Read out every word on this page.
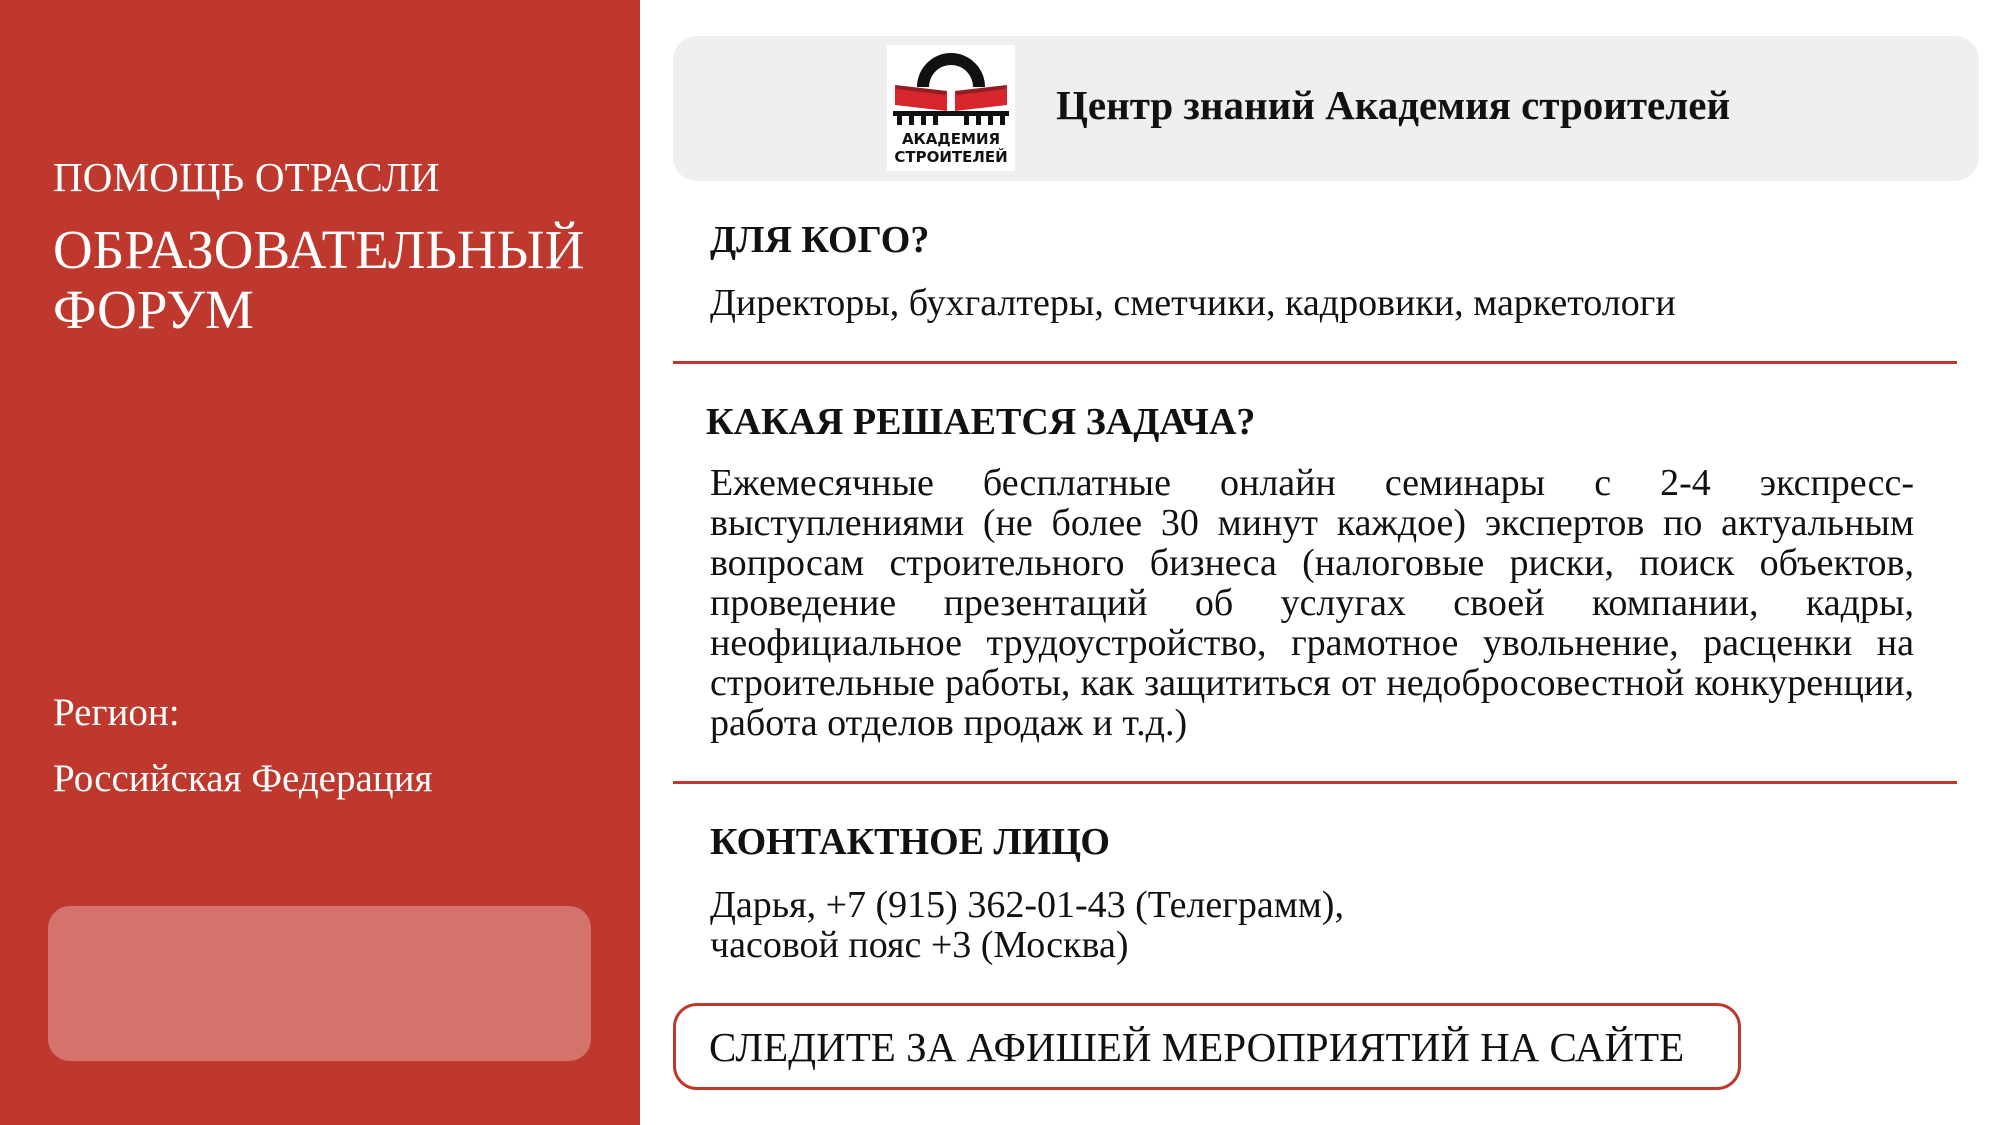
ПОМОЩЬ ОТРАСЛИ
ОБРАЗОВАТЕЛЬНЫЙ ФОРУМ
Регион:
Российская Федерация
АКАДЕМИЯ
СТРОИТЕЛЕЙ
Центр знаний Академия строителей
ДЛЯ КОГО?
Директоры, бухгалтеры, сметчики, кадровики, маркетологи
КАКАЯ РЕШАЕТСЯ ЗАДАЧА?
Ежемесячные бесплатные онлайн семинары с 2-4 экспресс-выступлениями (не более 30 минут каждое) экспертов по актуальным вопросам строительного бизнеса (налоговые риски, поиск объектов, проведение презентаций об услугах своей компании, кадры, неофициальное трудоустройство, грамотное увольнение, расценки на строительные работы, как защититься от недобросовестной конкуренции, работа отделов продаж и т.д.)
КОНТАКТНОЕ ЛИЦО
Дарья, +7 (915) 362-01-43 (Телеграмм),
часовой пояс +3 (Москва)
СЛЕДИТЕ ЗА АФИШЕЙ МЕРОПРИЯТИЙ НА САЙТЕ
